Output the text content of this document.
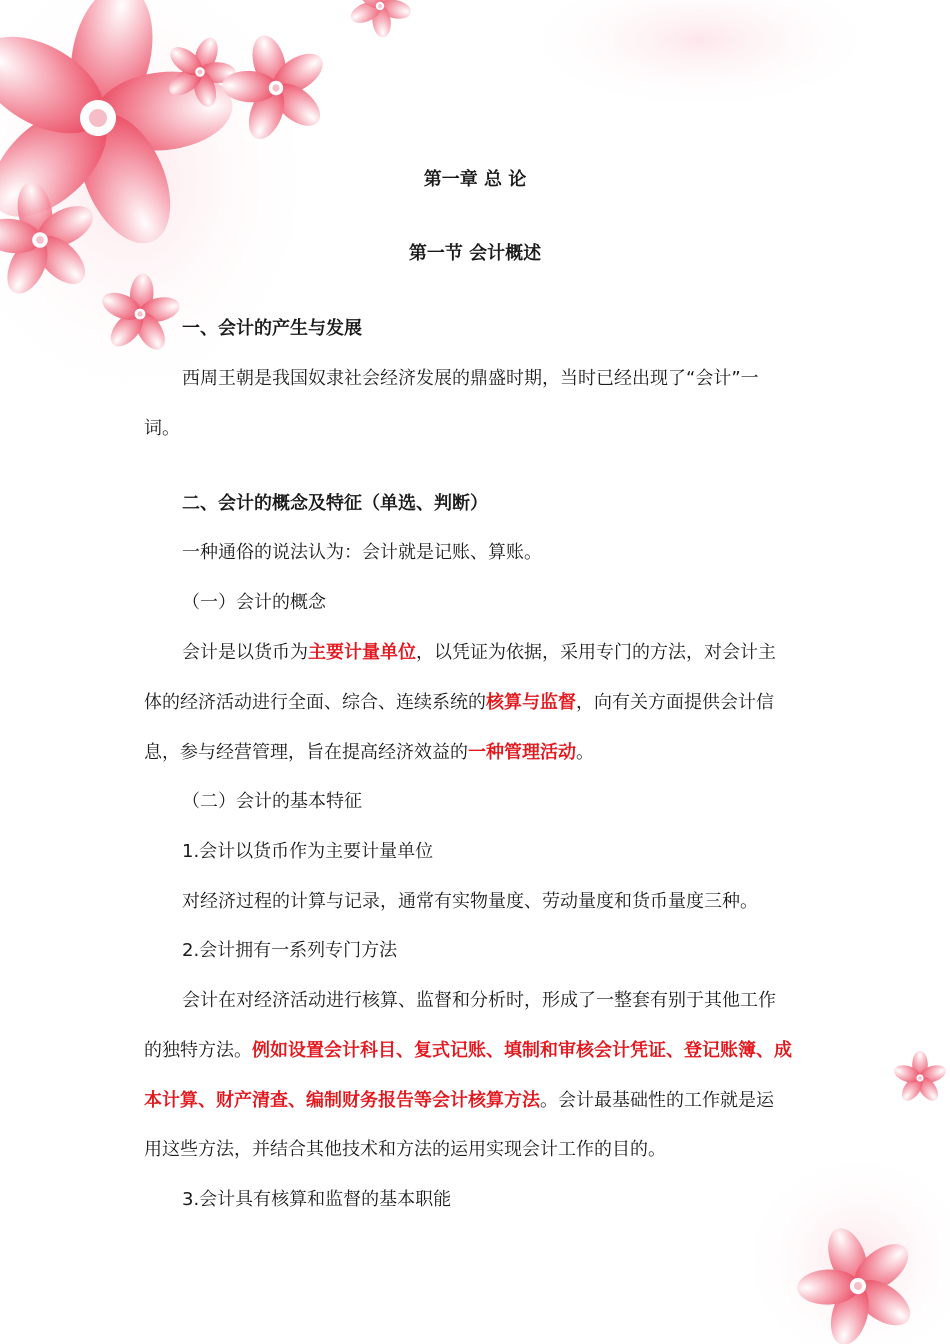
第一章 总 论
第一节 会计概述
一、会计的产生与发展
西周王朝是我国奴隶社会经济发展的鼎盛时期，当时已经出现了“会计”一
词。
二、会计的概念及特征（单选、判断）
一种通俗的说法认为：会计就是记账、算账。
（一）会计的概念
会计是以货币为主要计量单位，以凭证为依据，采用专门的方法，对会计主
体的经济活动进行全面、综合、连续系统的核算与监督，向有关方面提供会计信
息，参与经营管理，旨在提高经济效益的一种管理活动。
（二）会计的基本特征
1.会计以货币作为主要计量单位
对经济过程的计算与记录，通常有实物量度、劳动量度和货币量度三种。
2.会计拥有一系列专门方法
会计在对经济活动进行核算、监督和分析时，形成了一整套有别于其他工作
的独特方法。例如设置会计科目、复式记账、填制和审核会计凭证、登记账簿、成
本计算、财产清查、编制财务报告等会计核算方法。会计最基础性的工作就是运
用这些方法，并结合其他技术和方法的运用实现会计工作的目的。
3.会计具有核算和监督的基本职能
